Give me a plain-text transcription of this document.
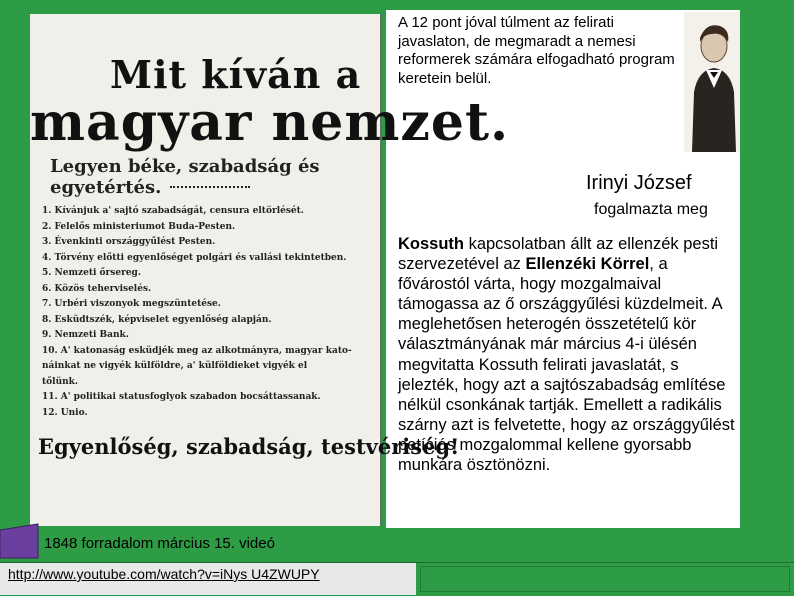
Mit kíván a
magyar nemzet.
Legyen béke, szabadság és egyetértés.
1. Kívánjuk a' sajtó szabadságát, censura eltörlését.
2. Felelős ministeriumot Buda-Pesten.
3. Évenkinti országgyűlést Pesten.
4. Törvény előtti egyenlőséget polgári és vallási tekintetben.
5. Nemzeti őrsereg.
6. Közös teherviselés.
7. Urbéri viszonyok megszüntetése.
8. Esküdtszék, képviselet egyenlőség alapján.
9. Nemzeti Bank.
10. A' katonaság esküdjék meg az alkotmányra, magyar kato-
náinkat ne vigyék külföldre, a' külföldieket vigyék el
tőlünk.
11. A' politikai statusfoglyok szabadon bocsáttassanak.
12. Unio.
Egyenlőség, szabadság, testvériség!
A 12 pont jóval túlment az felirati javaslaton, de megmaradt a nemesi reformerek számára elfogadható program keretein belül.
Irinyi József
fogalmazta meg
Kossuth kapcsolatban állt az ellenzék pesti szervezetével az Ellenzéki Körrel, a fővárostól várta, hogy mozgalmaival támogassa az ő országgyűlési küzdelmeit. A meglehetősen heterogén összetételű kör választmányának már március 4-i ülésén megvitatta Kossuth felirati javaslatát, s jelezték, hogy azt a sajtószabadság említése nélkül csonkának tartják. Emellett a radikális szárny azt is felvetette, hogy az országgyűlést petíciós mozgalommal kellene gyorsabb munkára ösztönözni.
1848 forradalom március 15. videó
http://www.youtube.com/watch?v=iNys U4ZWUPY
